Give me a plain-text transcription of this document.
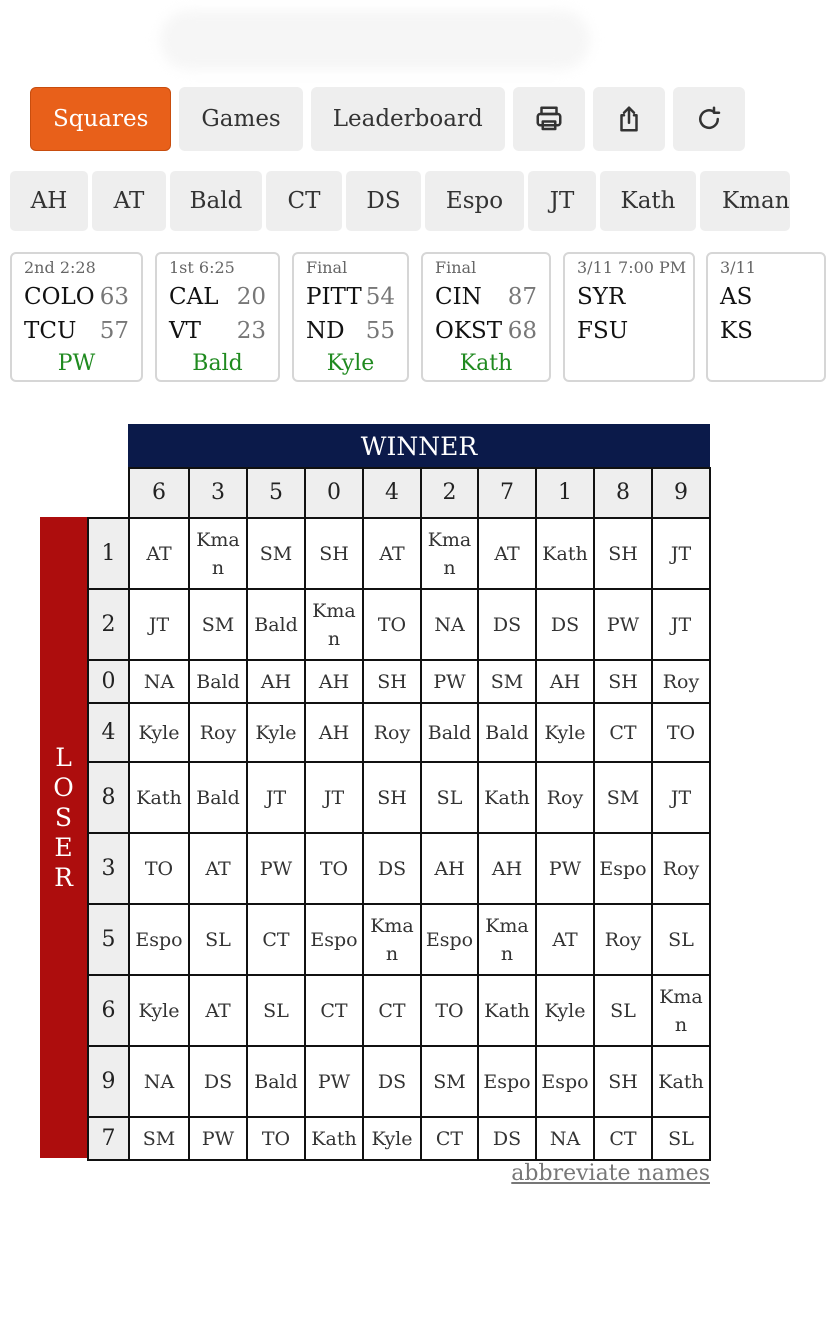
Squares	Games	Leaderboard
AH	AT	Bald	CT	DS	Espo	JT	Kath	Kman
2nd 2:28
COLO 63
TCU 57
PW
1st 6:25
CAL 20
VT 23
Bald
Final
PITT 54
ND 55
Kyle
Final
CIN 87
OKST 68
Kath
3/11 7:00 PM
SYR
FSU
3/11
AS
KS
WINNER
L
O
S
E
R
	6	3	5	0	4	2	7	1	8	9
1	AT	Kman	SM	SH	AT	Kman	AT	Kath	SH	JT
2	JT	SM	Bald	Kman	TO	NA	DS	DS	PW	JT
0	NA	Bald	AH	AH	SH	PW	SM	AH	SH	Roy
4	Kyle	Roy	Kyle	AH	Roy	Bald	Bald	Kyle	CT	TO
8	Kath	Bald	JT	JT	SH	SL	Kath	Roy	SM	JT
3	TO	AT	PW	TO	DS	AH	AH	PW	Espo	Roy
5	Espo	SL	CT	Espo	Kman	Espo	Kman	AT	Roy	SL
6	Kyle	AT	SL	CT	CT	TO	Kath	Kyle	SL	Kman
9	NA	DS	Bald	PW	DS	SM	Espo	Espo	SH	Kath
7	SM	PW	TO	Kath	Kyle	CT	DS	NA	CT	SL
abbreviate names
